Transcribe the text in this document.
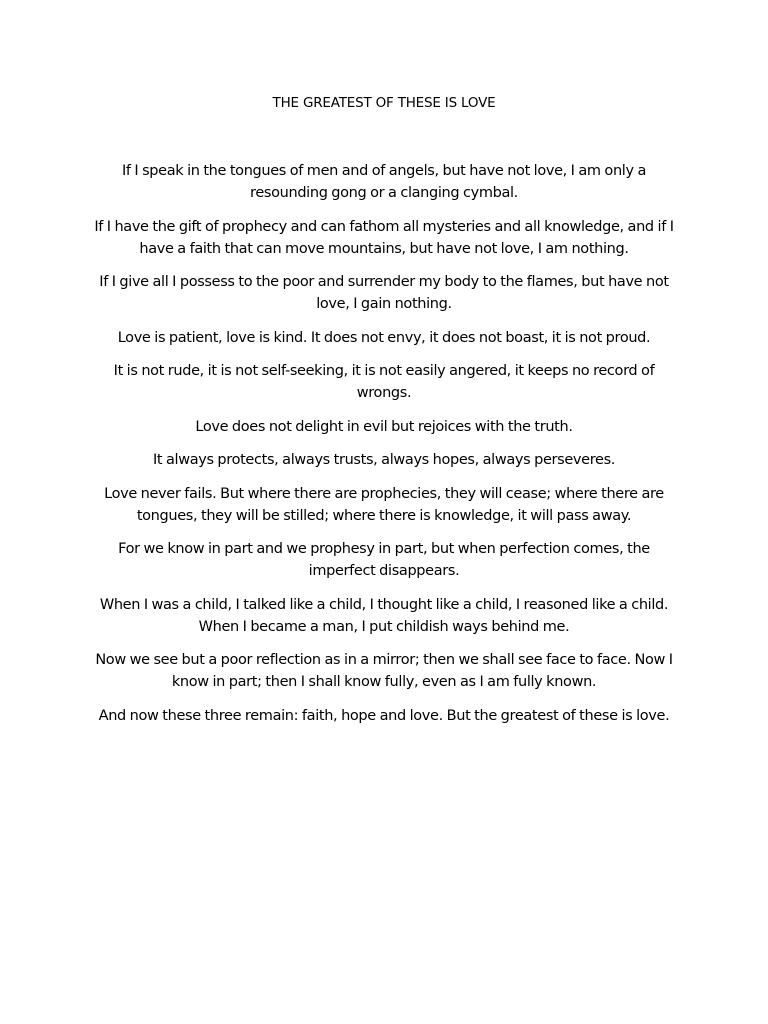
THE GREATEST OF THESE IS LOVE

If I speak in the tongues of men and of angels, but have not love, I am only a resounding gong or a clanging cymbal.

If I have the gift of prophecy and can fathom all mysteries and all knowledge, and if I have a faith that can move mountains, but have not love, I am nothing.

If I give all I possess to the poor and surrender my body to the flames, but have not love, I gain nothing.

Love is patient, love is kind. It does not envy, it does not boast, it is not proud.

It is not rude, it is not self-seeking, it is not easily angered, it keeps no record of wrongs.

Love does not delight in evil but rejoices with the truth.

It always protects, always trusts, always hopes, always perseveres.

Love never fails. But where there are prophecies, they will cease; where there are tongues, they will be stilled; where there is knowledge, it will pass away.

For we know in part and we prophesy in part, but when perfection comes, the imperfect disappears.

When I was a child, I talked like a child, I thought like a child, I reasoned like a child. When I became a man, I put childish ways behind me.

Now we see but a poor reflection as in a mirror; then we shall see face to face. Now I know in part; then I shall know fully, even as I am fully known.

And now these three remain: faith, hope and love. But the greatest of these is love.
